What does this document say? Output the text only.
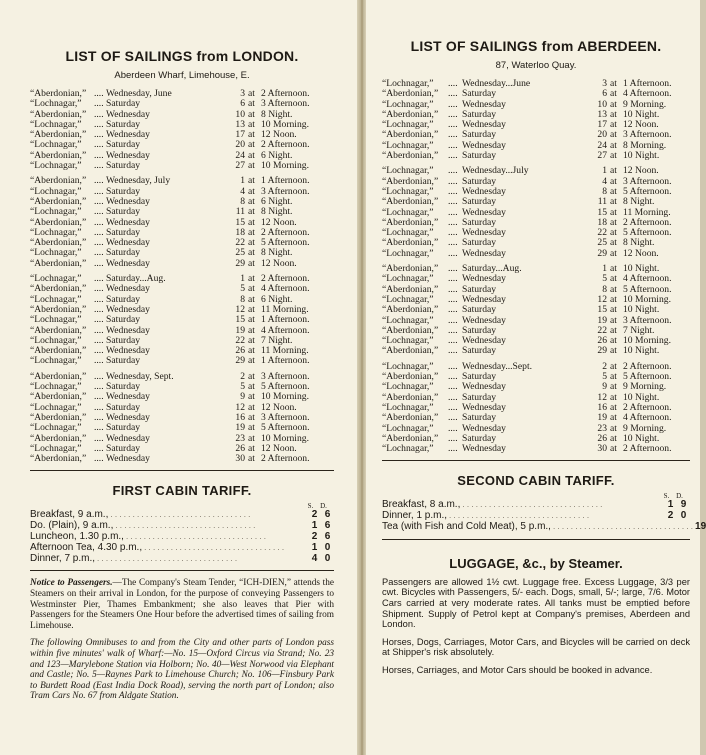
LIST OF SAILINGS from LONDON.
Aberdeen Wharf, Limehouse, E.
“Aberdonian,” .... Wednesday, June	3 at 2 Afternoon.
“Lochnagar,”	.... Saturday	6 at 3 Afternoon.
“Aberdonian,” .... Wednesday	10 at 8 Night.
“Lochnagar,”	.... Saturday	13 at 10 Morning.
“Aberdonian,” .... Wednesday	17 at 12 Noon.
“Lochnagar,”	.... Saturday	20 at 2 Afternoon.
“Aberdonian,” .... Wednesday	24 at 6 Night.
“Lochnagar,”	.... Saturday	27 at 10 Morning.
“Aberdonian,” .... Wednesday, July	1 at 1 Afternoon.
“Lochnagar,”	.... Saturday	4 at 3 Afternoon.
“Aberdonian,” .... Wednesday	8 at 6 Night.
“Lochnagar,”	.... Saturday	11 at 8 Night.
“Aberdonian,” .... Wednesday	15 at 12 Noon.
“Lochnagar,”	.... Saturday	18 at 2 Afternoon.
“Aberdonian,” .... Wednesday	22 at 5 Afternoon.
“Lochnagar,”	.... Saturday	25 at 8 Night.
“Aberdonian,” .... Wednesday	29 at 12 Noon.
“Lochnagar,”	.... Saturday...Aug.	1 at 2 Afternoon.
“Aberdonian,” .... Wednesday	5 at 4 Afternoon.
“Lochnagar,”	.... Saturday	8 at 6 Night.
“Aberdonian,” .... Wednesday	12 at 11 Morning.
“Lochnagar,”	.... Saturday	15 at 1 Afternoon.
“Aberdonian,” .... Wednesday	19 at 4 Afternoon.
“Lochnagar,”	.... Saturday	22 at 7 Night.
“Aberdonian,” .... Wednesday	26 at 11 Morning.
“Lochnagar,”	.... Saturday	29 at 1 Afternoon.
“Aberdonian,” .... Wednesday, Sept.	2 at 3 Afternoon.
“Lochnagar,”	.... Saturday	5 at 5 Afternoon.
“Aberdonian,” .... Wednesday	9 at 10 Morning.
“Lochnagar,”	.... Saturday	12 at 12 Noon.
“Aberdonian,” .... Wednesday	16 at 3 Afternoon.
“Lochnagar,”	.... Saturday	19 at 5 Afternoon.
“Aberdonian,” .... Wednesday	23 at 10 Morning.
“Lochnagar,”	.... Saturday	26 at 12 Noon.
“Aberdonian,” .... Wednesday	30 at 2 Afternoon.
FIRST CABIN TARIFF.
S. D.
Breakfast, 9 a.m., . . . . . . . . . . . . . . . . . . . . . . . . . . . . . . . .	2 6
Do. (Plain), 9 a.m., . . . . . . . . . . . . . . . . . . . . . . . . . . . . . . . .	1 6
Luncheon, 1.30 p.m., . . . . . . . . . . . . . . . . . . . . . . . . . . . . . . . .	2 6
Afternoon Tea, 4.30 p.m., . . . . . . . . . . . . . . . . . . . . . . . . . . . . . . . .	1 0
Dinner, 7 p.m., . . . . . . . . . . . . . . . . . . . . . . . . . . . . . . . .	4 0

Notice to Passengers.—The Company's Steam Tender, “ICH-DIEN,” attends the Steamers on their arrival in London, for the purpose of conveying Passengers to Westminster Pier, Thames Embankment; she also leaves that Pier with Passengers for the Steamers One Hour before the advertised times of sailing from Limehouse.

The following Omnibuses to and from the City and other parts of London pass within five minutes' walk of Wharf:—No. 15—Oxford Circus via Strand; No. 23 and 123—Marylebone Station via Holborn; No. 40—West Norwood via Elephant and Castle; No. 5—Raynes Park to Limehouse Church; No. 106—Finsbury Park to Burdett Road (East India Dock Road), serving the north part of London; also Tram Cars No. 67 from Aldgate Station.

LIST OF SAILINGS from ABERDEEN.
87, Waterloo Quay.
“Lochnagar,”	.... Wednesday...June	3 at 1 Afternoon.
“Aberdonian,”	.... Saturday	6 at 4 Afternoon.
“Lochnagar,”	.... Wednesday	10 at 9 Morning.
“Aberdonian,”	.... Saturday	13 at 10 Night.
“Lochnagar,”	.... Wednesday	17 at 12 Noon.
“Aberdonian,”	.... Saturday	20 at 3 Afternoon.
“Lochnagar,”	.... Wednesday	24 at 8 Morning.
“Aberdonian,”	.... Saturday	27 at 10 Night.
“Lochnagar,”	.... Wednesday...July	1 at 12 Noon.
“Aberdonian,”	.... Saturday	4 at 3 Afternoon.
“Lochnagar,”	.... Wednesday	8 at 5 Afternoon.
“Aberdonian,”	.... Saturday	11 at 8 Night.
“Lochnagar,”	.... Wednesday	15 at 11 Morning.
“Aberdonian,”	.... Saturday	18 at 2 Afternoon.
“Lochnagar,”	.... Wednesday	22 at 5 Afternoon.
“Aberdonian,”	.... Saturday	25 at 8 Night.
“Lochnagar,”	.... Wednesday	29 at 12 Noon.
“Aberdonian,”	.... Saturday...Aug.	1 at 10 Night.
“Lochnagar,”	.... Wednesday	5 at 4 Afternoon.
“Aberdonian,”	.... Saturday	8 at 5 Afternoon.
“Lochnagar,”	.... Wednesday	12 at 10 Morning.
“Aberdonian,”	.... Saturday	15 at 10 Night.
“Lochnagar,”	.... Wednesday	19 at 3 Afternoon.
“Aberdonian,”	.... Saturday	22 at 7 Night.
“Lochnagar,”	.... Wednesday	26 at 10 Morning.
“Aberdonian,”	.... Saturday	29 at 10 Night.
“Lochnagar,”	.... Wednesday...Sept.	2 at 2 Afternoon.
“Aberdonian,”	.... Saturday	5 at 5 Afternoon.
“Lochnagar,”	.... Wednesday	9 at 9 Morning.
“Aberdonian,”	.... Saturday	12 at 10 Night.
“Lochnagar,”	.... Wednesday	16 at 2 Afternoon.
“Aberdonian,”	.... Saturday	19 at 4 Afternoon.
“Lochnagar,”	.... Wednesday	23 at 9 Morning.
“Aberdonian,”	.... Saturday	26 at 10 Night.
“Lochnagar,”	.... Wednesday	30 at 2 Afternoon.
SECOND CABIN TARIFF.
S. D.
Breakfast, 8 a.m., . . . . . . . . . . . . . . . . . . . . . . . . . . . . . . . .	1 9
Dinner, 1 p.m., . . . . . . . . . . . . . . . . . . . . . . . . . . . . . . . .	2 0
Tea (with Fish and Cold Meat), 5 p.m., . . . . . . . . . . . . . . . . . . . . . . . . . . . . . . . . 1 9
LUGGAGE, &c., by Steamer.

Passengers are allowed 1½ cwt. Luggage free. Excess Luggage, 3/3 per cwt. Bicycles with Passengers, 5/- each. Dogs, small, 5/-; large, 7/6. Motor Cars carried at very moderate rates. All tanks must be emptied before Shipment. Supply of Petrol kept at Company's premises, Aberdeen and London.

Horses, Dogs, Carriages, Motor Cars, and Bicycles will be carried on deck at Shipper's risk absolutely.

Horses, Carriages, and Motor Cars should be booked in advance.
